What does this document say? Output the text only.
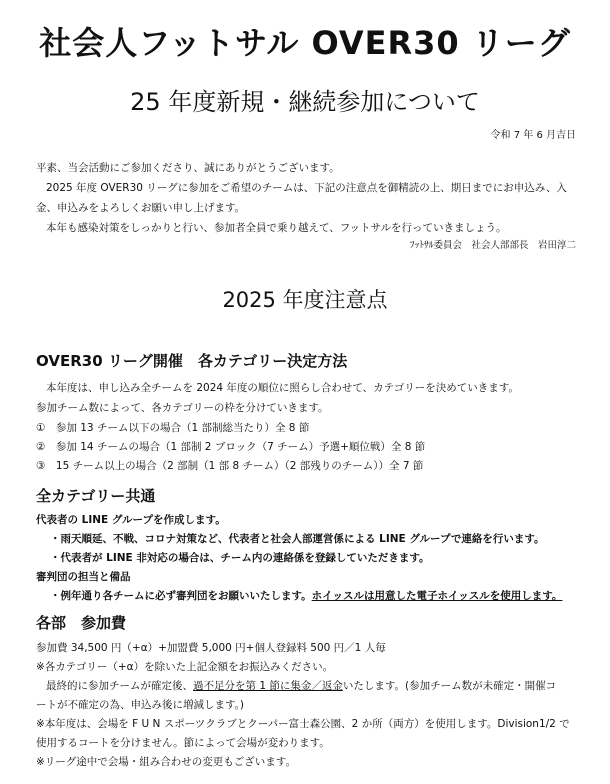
社会人フットサル OVER30 リーグ
25 年度新規・継続参加について
令和 7 年 6 月吉日
平素、当会活動にご参加くださり、誠にありがとうございます。
2025 年度 OVER30 リーグに参加をご希望のチームは、下記の注意点を御精読の上、期日までにお申込み、入
金、申込みをよろしくお願い申し上げます。
本年も感染対策をしっかりと行い、参加者全員で乗り越えて、フットサルを行っていきましょう。
ﾌｯﾄｻﾙ委員会　社会人部部長　岩田淳二
2025 年度注意点
OVER30 リーグ開催　各カテゴリー決定方法
本年度は、申し込み全チームを 2024 年度の順位に照らし合わせて、カテゴリーを決めていきます。
参加チーム数によって、各カテゴリーの枠を分けていきます。
①　参加 13 チーム以下の場合（1 部制総当たり）全 8 節
②　参加 14 チームの場合（1 部制 2 ブロック（7 チーム）予選+順位戦）全 8 節
③　15 チーム以上の場合（2 部制（1 部 8 チーム）（2 部残りのチーム））全 7 節
全カテゴリー共通
代表者の LINE グループを作成します。
・雨天順延、不戦、コロナ対策など、代表者と社会人部運営係による LINE グループで連絡を行います。
・代表者が LINE 非対応の場合は、チーム内の連絡係を登録していただきます。
審判団の担当と備品
・例年通り各チームに必ず審判団をお願いいたします。ホイッスルは用意した電子ホイッスルを使用します。
各部　参加費
参加費 34,500 円（+α）+加盟費 5,000 円+個人登録料 500 円／1 人毎
※各カテゴリー（+α）を除いた上記金額をお振込みください。
最終的に参加チームが確定後、過不足分を第 1 節に集金／返金いたします。(参加チーム数が未確定・開催コ
ートが不確定の為、申込み後に増減します。)
※本年度は、会場を F U N スポーツクラブとクーパー富士森公園、2 か所（両方）を使用します。Division1/2 で
使用するコートを分けません。節によって会場が変わります。
※リーグ途中で会場・組み合わせの変更もございます。
